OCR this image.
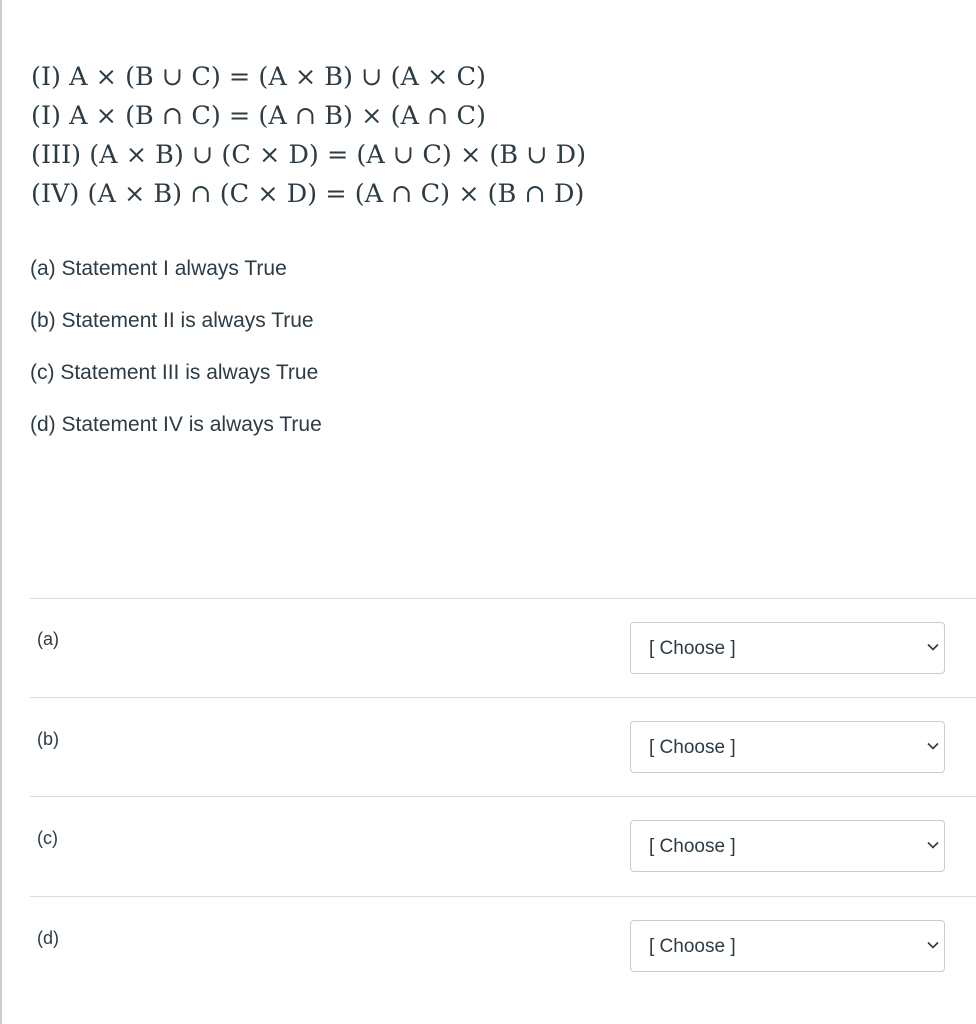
(I) A × (B ∪ C) = (A × B) ∪ (A × C)
(I) A × (B ∩ C) = (A ∩ B) × (A ∩ C)
(III) (A × B) ∪ (C × D) = (A ∪ C) × (B ∪ D)
(IV) (A × B) ∩ (C × D) = (A ∩ C) × (B ∩ D)
(a) Statement I always True
(b) Statement II is always True
(c) Statement III is always True
(d) Statement IV is always True
(a)	[ Choose ]
(b)	[ Choose ]
(c)	[ Choose ]
(d)	[ Choose ]
